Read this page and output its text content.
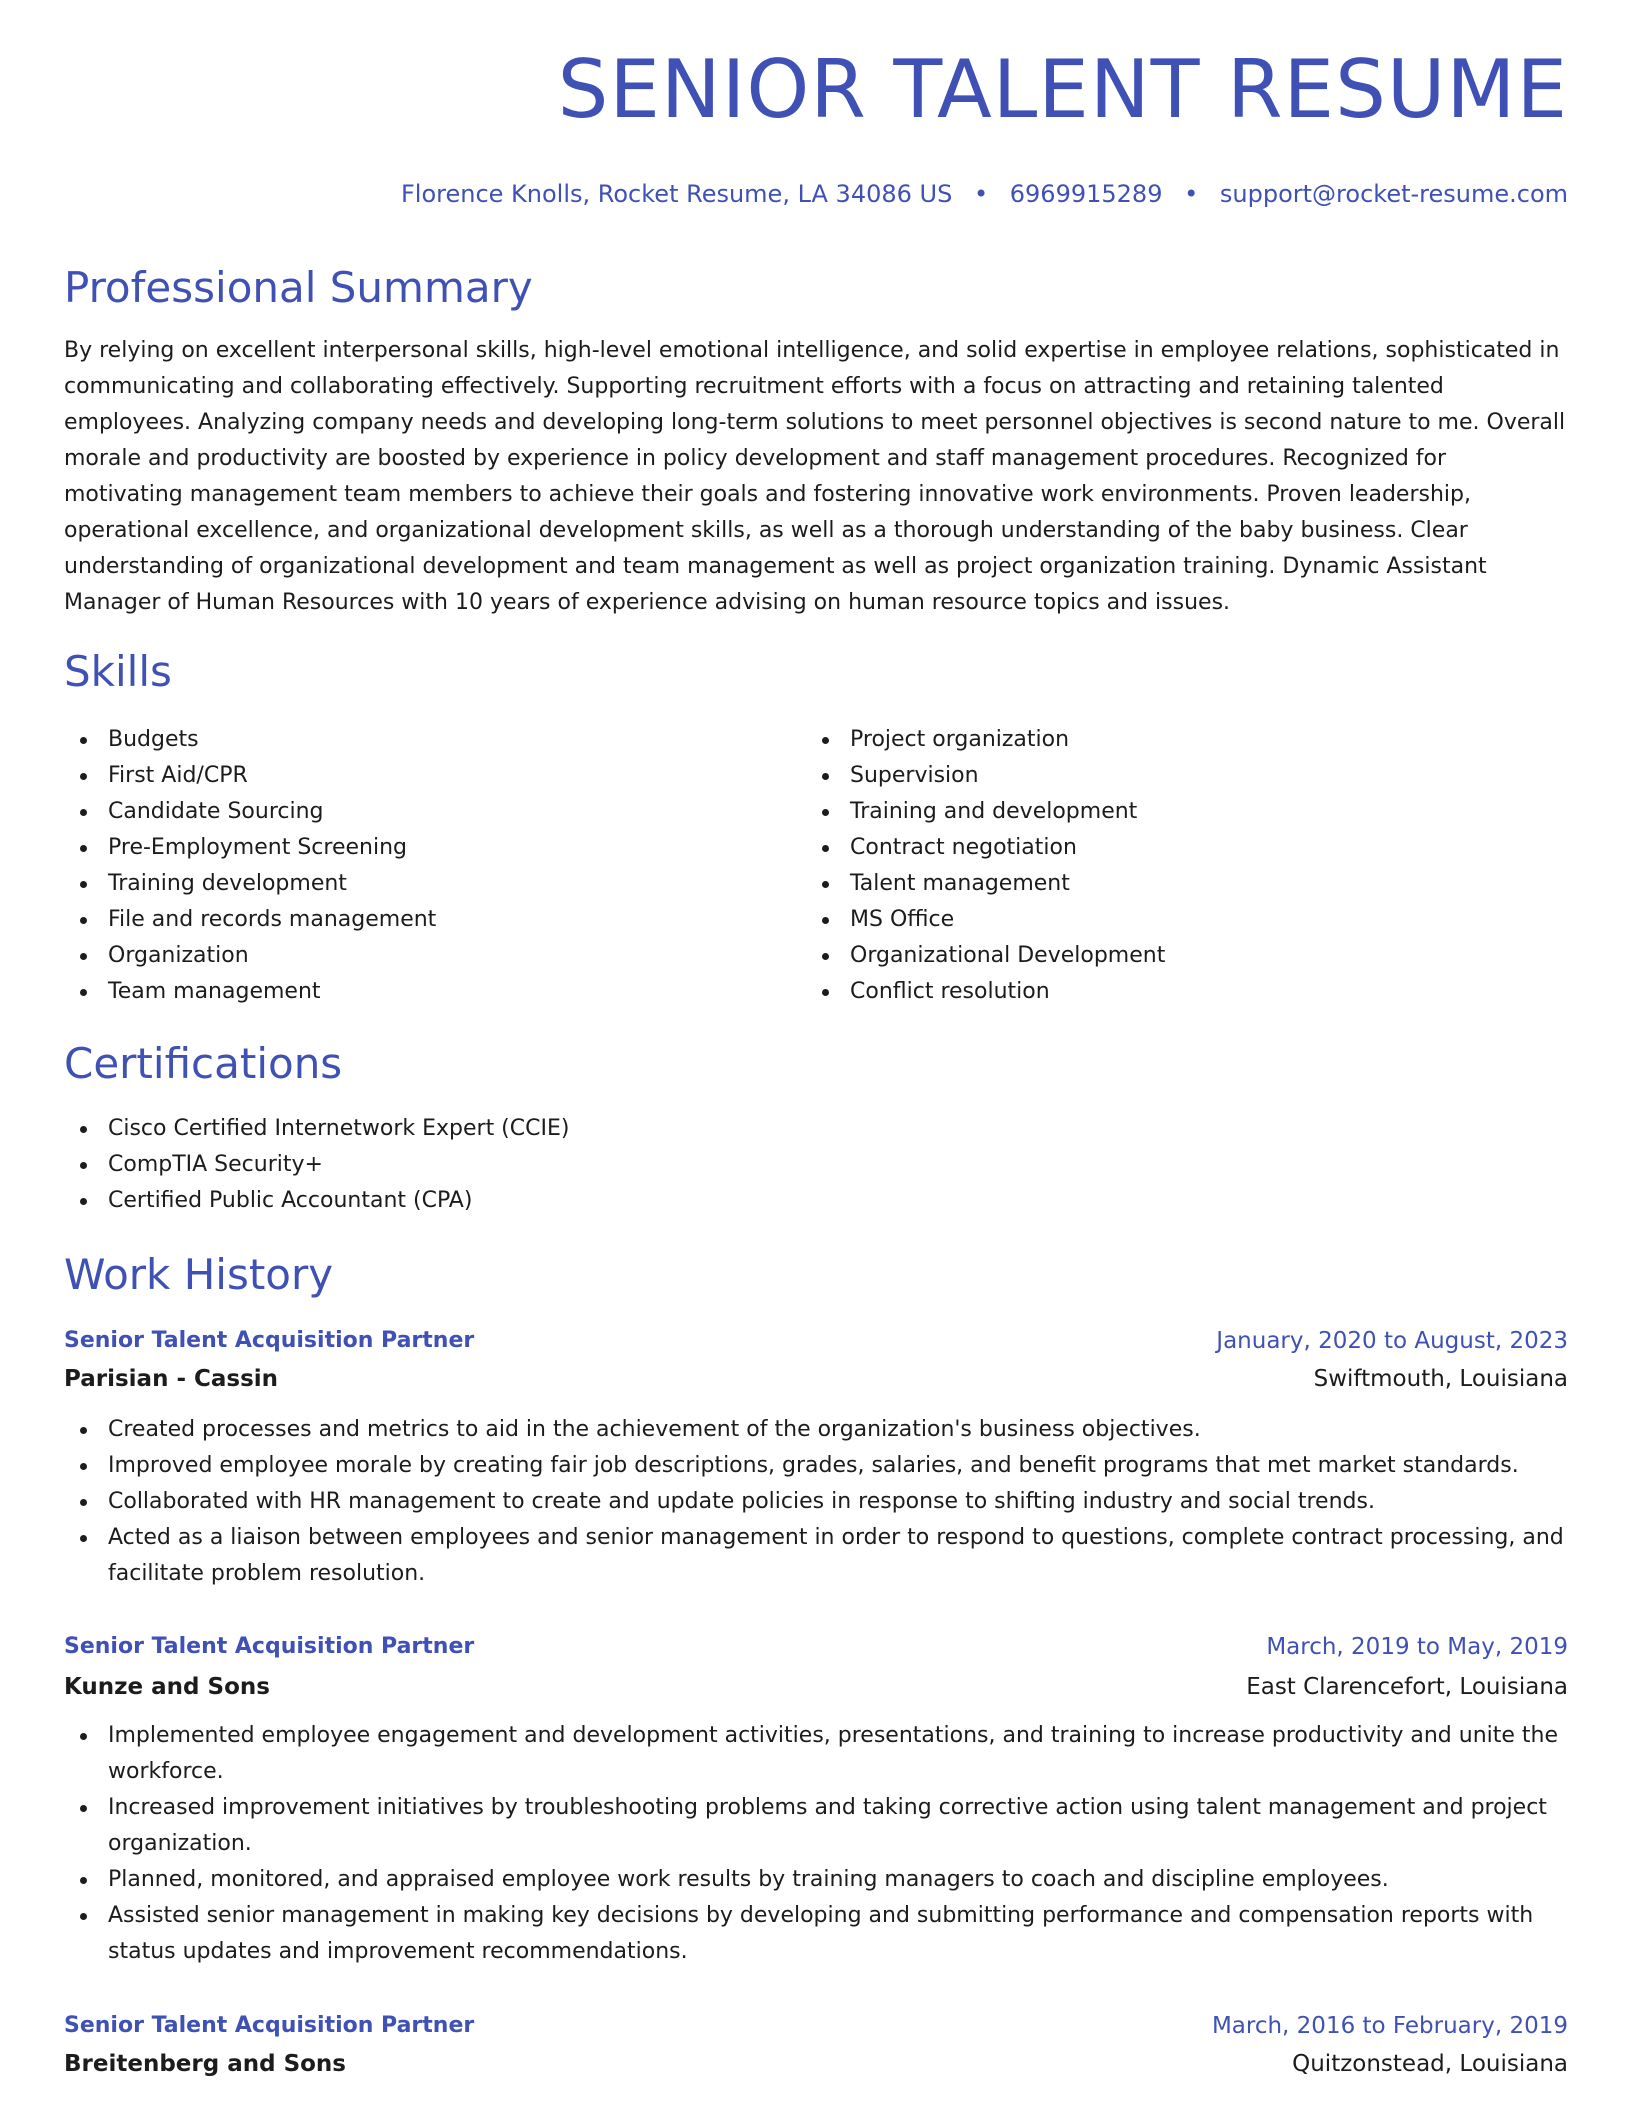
SENIOR TALENT RESUME
Florence Knolls, Rocket Resume, LA 34086 US • 6969915289 • support@rocket-resume.com
Professional Summary

By relying on excellent interpersonal skills, high-level emotional intelligence, and solid expertise in employee relations, sophisticated in communicating and collaborating effectively. Supporting recruitment efforts with a focus on attracting and retaining talented employees. Analyzing company needs and developing long-term solutions to meet personnel objectives is second nature to me. Overall morale and productivity are boosted by experience in policy development and staff management procedures. Recognized for motivating management team members to achieve their goals and fostering innovative work environments. Proven leadership, operational excellence, and organizational development skills, as well as a thorough understanding of the baby business. Clear understanding of organizational development and team management as well as project organization training. Dynamic Assistant Manager of Human Resources with 10 years of experience advising on human resource topics and issues.

Skills
Budgets
First Aid/CPR
Candidate Sourcing
Pre-Employment Screening
Training development
File and records management
Organization
Team management
Project organization
Supervision
Training and development
Contract negotiation
Talent management
MS Office
Organizational Development
Conflict resolution
Certifications
Cisco Certified Internetwork Expert (CCIE)
CompTIA Security+
Certified Public Accountant (CPA)
Work History
Senior Talent Acquisition Partner	January, 2020 to August, 2023
Parisian - Cassin	Swiftmouth, Louisiana
Created processes and metrics to aid in the achievement of the organization's business objectives.
Improved employee morale by creating fair job descriptions, grades, salaries, and benefit programs that met market standards.
Collaborated with HR management to create and update policies in response to shifting industry and social trends.
Acted as a liaison between employees and senior management in order to respond to questions, complete contract processing, and facilitate problem resolution.
Senior Talent Acquisition Partner	March, 2019 to May, 2019
Kunze and Sons	East Clarencefort, Louisiana
Implemented employee engagement and development activities, presentations, and training to increase productivity and unite the workforce.
Increased improvement initiatives by troubleshooting problems and taking corrective action using talent management and project organization.
Planned, monitored, and appraised employee work results by training managers to coach and discipline employees.
Assisted senior management in making key decisions by developing and submitting performance and compensation reports with status updates and improvement recommendations.
Senior Talent Acquisition Partner	March, 2016 to February, 2019
Breitenberg and Sons	Quitzonstead, Louisiana
